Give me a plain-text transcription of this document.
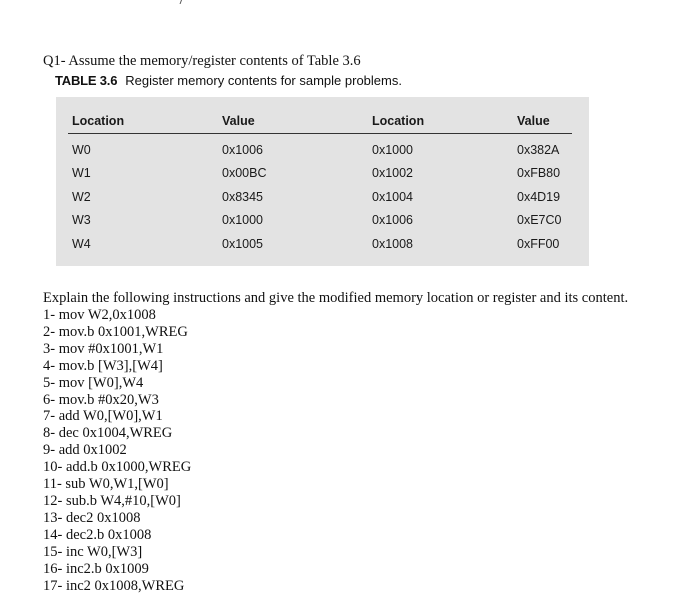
Q1- Assume the memory/register contents of Table 3.6
TABLE 3.6 Register memory contents for sample problems.
Location	Value	Location	Value
W0	0x1006	0x1000	0x382A
W1	0x00BC	0x1002	0xFB80
W2	0x8345	0x1004	0x4D19
W3	0x1000	0x1006	0xE7C0
W4	0x1005	0x1008	0xFF00
Explain the following instructions and give the modified memory location or register and its content.
1- mov W2,0x1008
2- mov.b 0x1001,WREG
3- mov #0x1001,W1
4- mov.b [W3],[W4]
5- mov [W0],W4
6- mov.b #0x20,W3
7- add W0,[W0],W1
8- dec 0x1004,WREG
9- add 0x1002
10- add.b 0x1000,WREG
11- sub W0,W1,[W0]
12- sub.b W4,#10,[W0]
13- dec2 0x1008
14- dec2.b 0x1008
15- inc W0,[W3]
16- inc2.b 0x1009
17- inc2 0x1008,WREG
